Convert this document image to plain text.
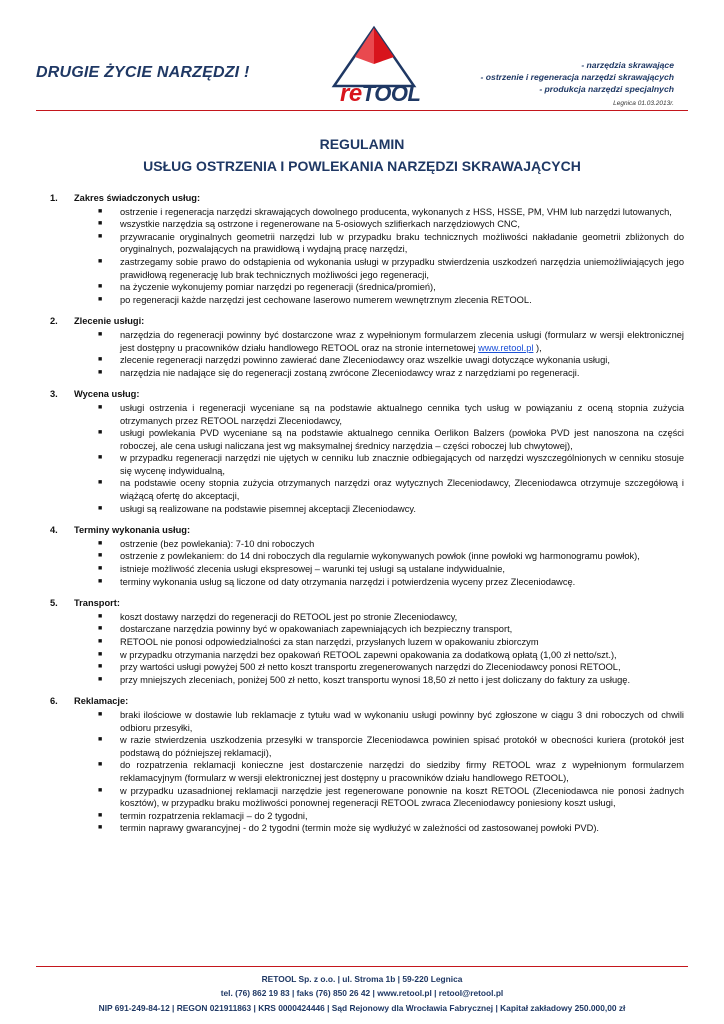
DRUGIE ŻYCIE NARZĘDZI !
reTOOL
- narzędzia skrawające
- ostrzenie i regeneracja narzędzi skrawających
- produkcja narzędzi specjalnych
Legnica 01.03.2013r.
REGULAMIN
USŁUG OSTRZENIA I POWLEKANIA NARZĘDZI SKRAWAJĄCYCH
1. Zakres świadczonych usług:
■ ostrzenie i regeneracja narzędzi skrawających dowolnego producenta, wykonanych z HSS, HSSE, PM, VHM lub narzędzi lutowanych,
■ wszystkie narzędzia są ostrzone i regenerowane na 5-osiowych szlifierkach narzędziowych CNC,
■ przywracanie oryginalnych geometrii narzędzi lub w przypadku braku technicznych możliwości nakładanie geometrii zbliżonych do oryginalnych, pozwalających na prawidłową i wydajną pracę narzędzi,
■ zastrzegamy sobie prawo do odstąpienia od wykonania usługi w przypadku stwierdzenia uszkodzeń narzędzia uniemożliwiających jego prawidłową regenerację lub brak technicznych możliwości jego regeneracji,
■ na życzenie wykonujemy pomiar narzędzi po regeneracji (średnica/promień),
■ po regeneracji każde narzędzi jest cechowane laserowo numerem wewnętrznym zlecenia RETOOL.
2. Zlecenie usługi:
■ narzędzia do regeneracji powinny być dostarczone wraz z wypełnionym formularzem zlecenia usługi (formularz w wersji elektronicznej jest dostępny u pracowników działu handlowego RETOOL oraz na stronie internetowej www.retool.pl ),
■ zlecenie regeneracji narzędzi powinno zawierać dane Zleceniodawcy oraz wszelkie uwagi dotyczące wykonania usługi,
■ narzędzia nie nadające się do regeneracji zostaną zwrócone Zleceniodawcy wraz z narzędziami po regeneracji.
3. Wycena usług:
■ usługi ostrzenia i regeneracji wyceniane są na podstawie aktualnego cennika tych usług w powiązaniu z oceną stopnia zużycia otrzymanych przez RETOOL narzędzi Zleceniodawcy,
■ usługi powlekania PVD wyceniane są na podstawie aktualnego cennika Oerlikon Balzers (powłoka PVD jest nanoszona na części roboczej, ale cena usługi naliczana jest wg maksymalnej średnicy narzędzia – części roboczej lub chwytowej),
■ w przypadku regeneracji narzędzi nie ujętych w cenniku lub znacznie odbiegających od narzędzi wyszczególnionych w cenniku stosuje się wycenę indywidualną,
■ na podstawie oceny stopnia zużycia otrzymanych narzędzi oraz wytycznych Zleceniodawcy, Zleceniodawca otrzymuje szczegółową i wiążącą ofertę do akceptacji,
■ usługi są realizowane na podstawie pisemnej akceptacji Zleceniodawcy.
4. Terminy wykonania usług:
■ ostrzenie (bez powlekania): 7-10 dni roboczych
■ ostrzenie z powlekaniem: do 14 dni roboczych dla regularnie wykonywanych powłok (inne powłoki wg harmonogramu powłok),
■ istnieje możliwość zlecenia usługi ekspresowej – warunki tej usługi są ustalane indywidualnie,
■ terminy wykonania usług są liczone od daty otrzymania narzędzi i potwierdzenia wyceny przez Zleceniodawcę.
5. Transport:
■ koszt dostawy narzędzi do regeneracji do RETOOL jest po stronie Zleceniodawcy,
■ dostarczane narzędzia powinny być w opakowaniach zapewniających ich bezpieczny transport,
■ RETOOL nie ponosi odpowiedzialności za stan narzędzi, przysłanych luzem w opakowaniu zbiorczym
■ w przypadku otrzymania narzędzi bez opakowań RETOOL zapewni opakowania za dodatkową opłatą (1,00 zł netto/szt.),
■ przy wartości usługi powyżej 500 zł netto koszt transportu zregenerowanych narzędzi do Zleceniodawcy ponosi RETOOL,
■ przy mniejszych zleceniach, poniżej 500 zł netto, koszt transportu wynosi 18,50 zł netto i jest doliczany do faktury za usługę.
6. Reklamacje:
■ braki ilościowe w dostawie lub reklamacje z tytułu wad w wykonaniu usługi powinny być zgłoszone w ciągu 3 dni roboczych od chwili odbioru przesyłki,
■ w razie stwierdzenia uszkodzenia przesyłki w transporcie Zleceniodawca powinien spisać protokół w obecności kuriera (protokół jest podstawą do późniejszej reklamacji),
■ do rozpatrzenia reklamacji konieczne jest dostarczenie narzędzi do siedziby firmy RETOOL wraz z wypełnionym formularzem reklamacyjnym (formularz w wersji elektronicznej jest dostępny u pracowników działu handlowego RETOOL),
■ w przypadku uzasadnionej reklamacji narzędzie jest regenerowane ponownie na koszt RETOOL (Zleceniodawca nie ponosi żadnych kosztów), w przypadku braku możliwości ponownej regeneracji RETOOL zwraca Zleceniodawcy poniesiony koszt usługi,
■ termin rozpatrzenia reklamacji – do 2 tygodni,
■ termin naprawy gwarancyjnej - do 2 tygodni (termin może się wydłużyć w zależności od zastosowanej powłoki PVD).
RETOOL Sp. z o.o. | ul. Stroma 1b | 59-220 Legnica
tel. (76) 862 19 83 | faks (76) 850 26 42 | www.retool.pl | retool@retool.pl
NIP 691-249-84-12 | REGON 021911863 | KRS 0000424446 | Sąd Rejonowy dla Wrocławia Fabrycznej | Kapitał zakładowy 250.000,00 zł
